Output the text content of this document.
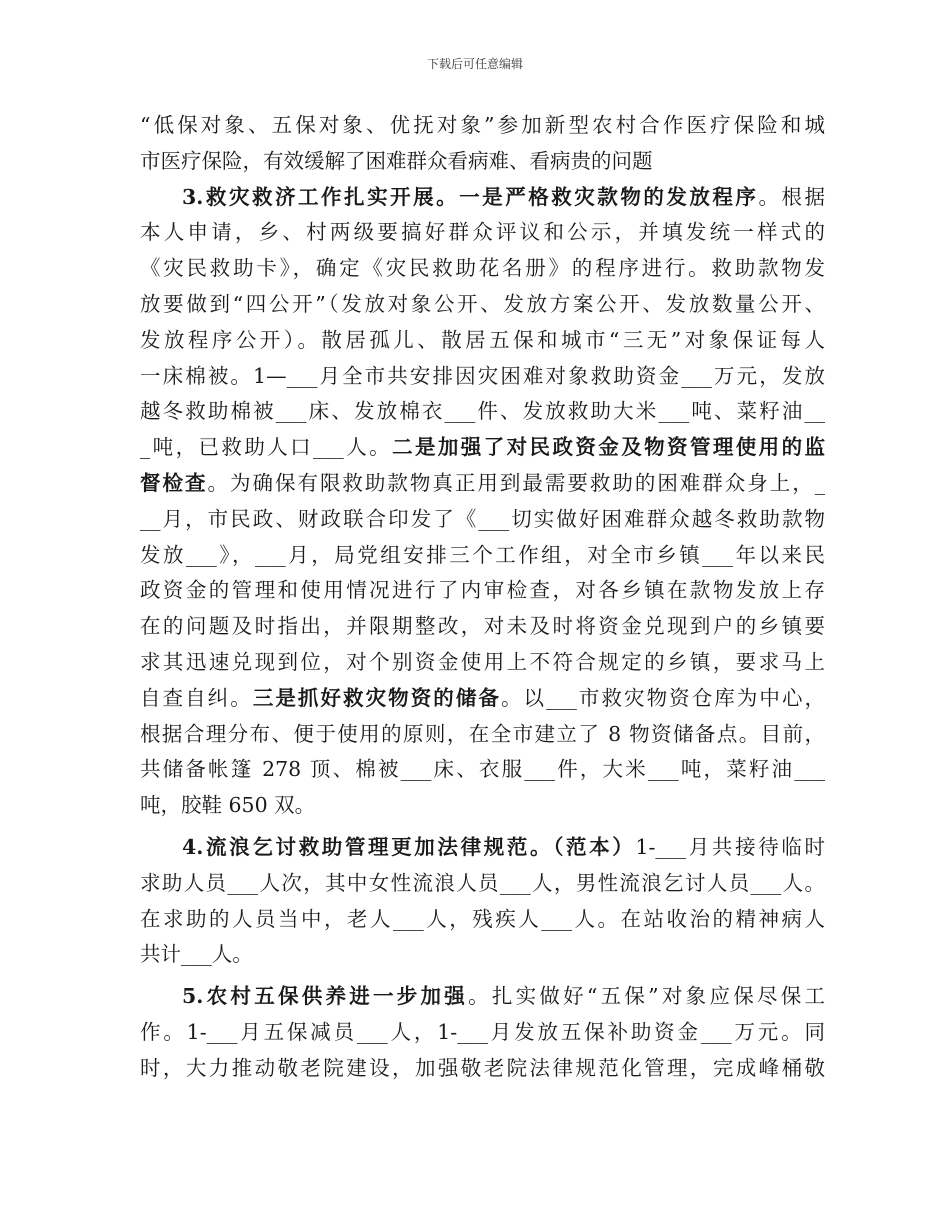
下载后可任意编辑
“低保对象、五保对象、优抚对象”参加新型农村合作医疗保险和城
市医疗保险，有效缓解了困难群众看病难、看病贵的问题
3.救灾救济工作扎实开展。一是严格救灾款物的发放程序。根据
本人申请，乡、村两级要搞好群众评议和公示，并填发统一样式的
《灾民救助卡》，确定《灾民救助花名册》的程序进行。救助款物发
放要做到“四公开”（发放对象公开、发放方案公开、发放数量公开、
发放程序公开）。散居孤儿、散居五保和城市“三无”对象保证每人
一床棉被。1—___月全市共安排因灾困难对象救助资金___万元，发放
越冬救助棉被___床、发放棉衣___件、发放救助大米___吨、菜籽油__
_吨，已救助人口___人。二是加强了对民政资金及物资管理使用的监
督检查。为确保有限救助款物真正用到最需要救助的困难群众身上，_
__月，市民政、财政联合印发了《___切实做好困难群众越冬救助款物
发放___》，___月，局党组安排三个工作组，对全市乡镇___年以来民
政资金的管理和使用情况进行了内审检查，对各乡镇在款物发放上存
在的问题及时指出，并限期整改，对未及时将资金兑现到户的乡镇要
求其迅速兑现到位，对个别资金使用上不符合规定的乡镇，要求马上
自查自纠。三是抓好救灾物资的储备。以___市救灾物资仓库为中心，
根据合理分布、便于使用的原则，在全市建立了 8 物资储备点。目前，
共储备帐篷 278 顶、棉被___床、衣服___件，大米___吨，菜籽油___
吨，胶鞋 650 双。
4.流浪乞讨救助管理更加法律规范。（范本）1-___月共接待临时
求助人员___人次，其中女性流浪人员___人，男性流浪乞讨人员___人。
在求助的人员当中，老人___人，残疾人___人。在站收治的精神病人
共计___人。
5.农村五保供养进一步加强。扎实做好“五保”对象应保尽保工
作。1-___月五保减员___人，1-___月发放五保补助资金___万元。同
时，大力推动敬老院建设，加强敬老院法律规范化管理，完成峰桶敬
